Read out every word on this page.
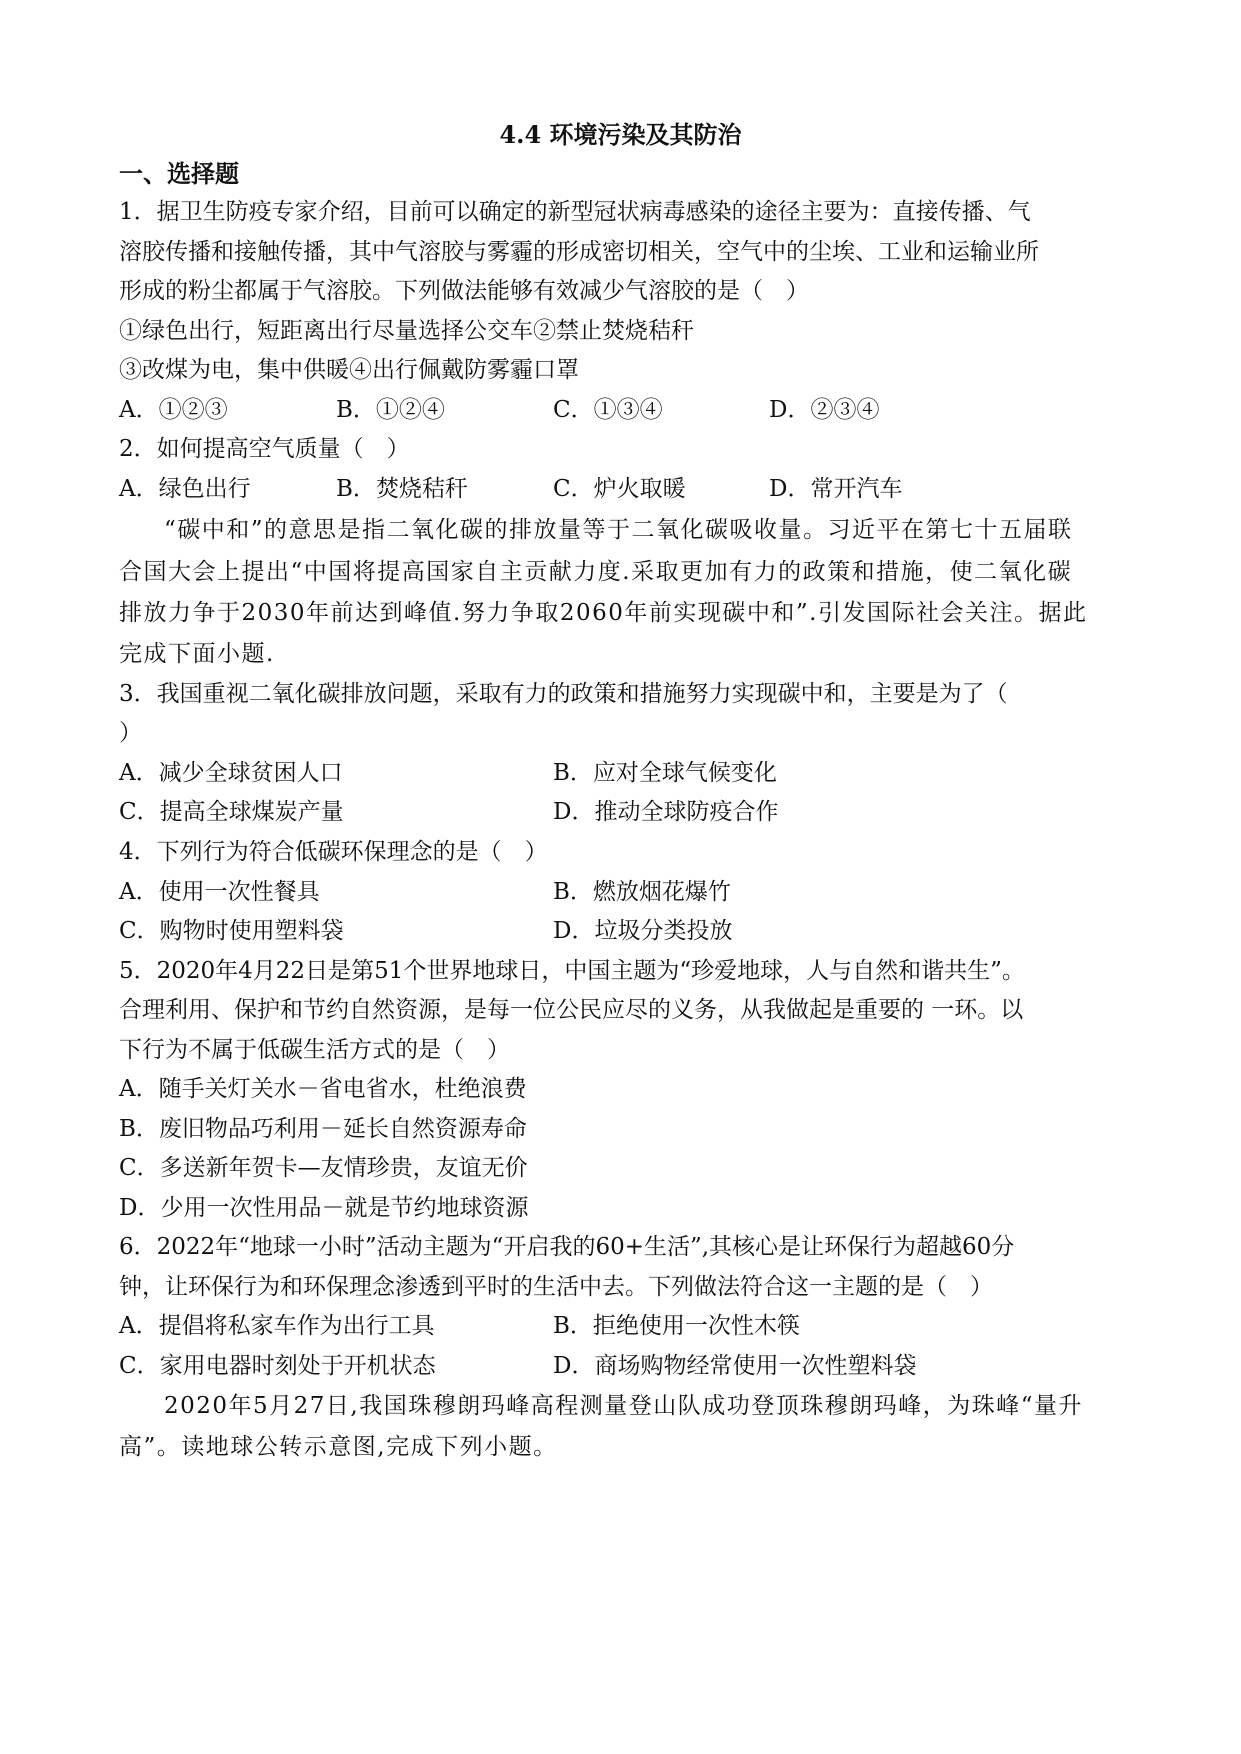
4.4 环境污染及其防治
一、选择题
1．据卫生防疫专家介绍，目前可以确定的新型冠状病毒感染的途径主要为：直接传播、气
溶胶传播和接触传播，其中气溶胶与雾霾的形成密切相关，空气中的尘埃、工业和运输业所
形成的粉尘都属于气溶胶。下列做法能够有效减少气溶胶的是（　）
①绿色出行，短距离出行尽量选择公交车②禁止焚烧秸秆
③改煤为电，集中供暖④出行佩戴防雾霾口罩
A．①②③	B．①②④	C．①③④	D．②③④
2．如何提高空气质量（　）
A．绿色出行	B．焚烧秸秆	C．炉火取暖	D．常开汽车
“碳中和”的意思是指二氧化碳的排放量等于二氧化碳吸收量。习近平在第七十五届联
合国大会上提出“中国将提高国家自主贡献力度.采取更加有力的政策和措施，使二氧化碳
排放力争于2030年前达到峰值.努力争取2060年前实现碳中和”.引发国际社会关注。据此
完成下面小题.
3．我国重视二氧化碳排放问题，采取有力的政策和措施努力实现碳中和，主要是为了（
）
A．减少全球贫困人口	B．应对全球气候变化
C．提高全球煤炭产量	D．推动全球防疫合作
4．下列行为符合低碳环保理念的是（　）
A．使用一次性餐具	B．燃放烟花爆竹
C．购物时使用塑料袋	D．垃圾分类投放
5．2020年4月22日是第51个世界地球日，中国主题为“珍爱地球，人与自然和谐共生”。
合理利用、保护和节约自然资源，是每一位公民应尽的义务，从我做起是重要的 一环。以
下行为不属于低碳生活方式的是（　）
A．随手关灯关水－省电省水，杜绝浪费
B．废旧物品巧利用－延长自然资源寿命
C．多送新年贺卡—友情珍贵，友谊无价
D．少用一次性用品－就是节约地球资源
6．2022年“地球一小时”活动主题为“开启我的60+生活”,其核心是让环保行为超越60分
钟，让环保行为和环保理念渗透到平时的生活中去。下列做法符合这一主题的是（　）
A．提倡将私家车作为出行工具	B．拒绝使用一次性木筷
C．家用电器时刻处于开机状态	D．商场购物经常使用一次性塑料袋
2020年5月27日,我国珠穆朗玛峰高程测量登山队成功登顶珠穆朗玛峰，为珠峰“量升
高”。读地球公转示意图,完成下列小题。
